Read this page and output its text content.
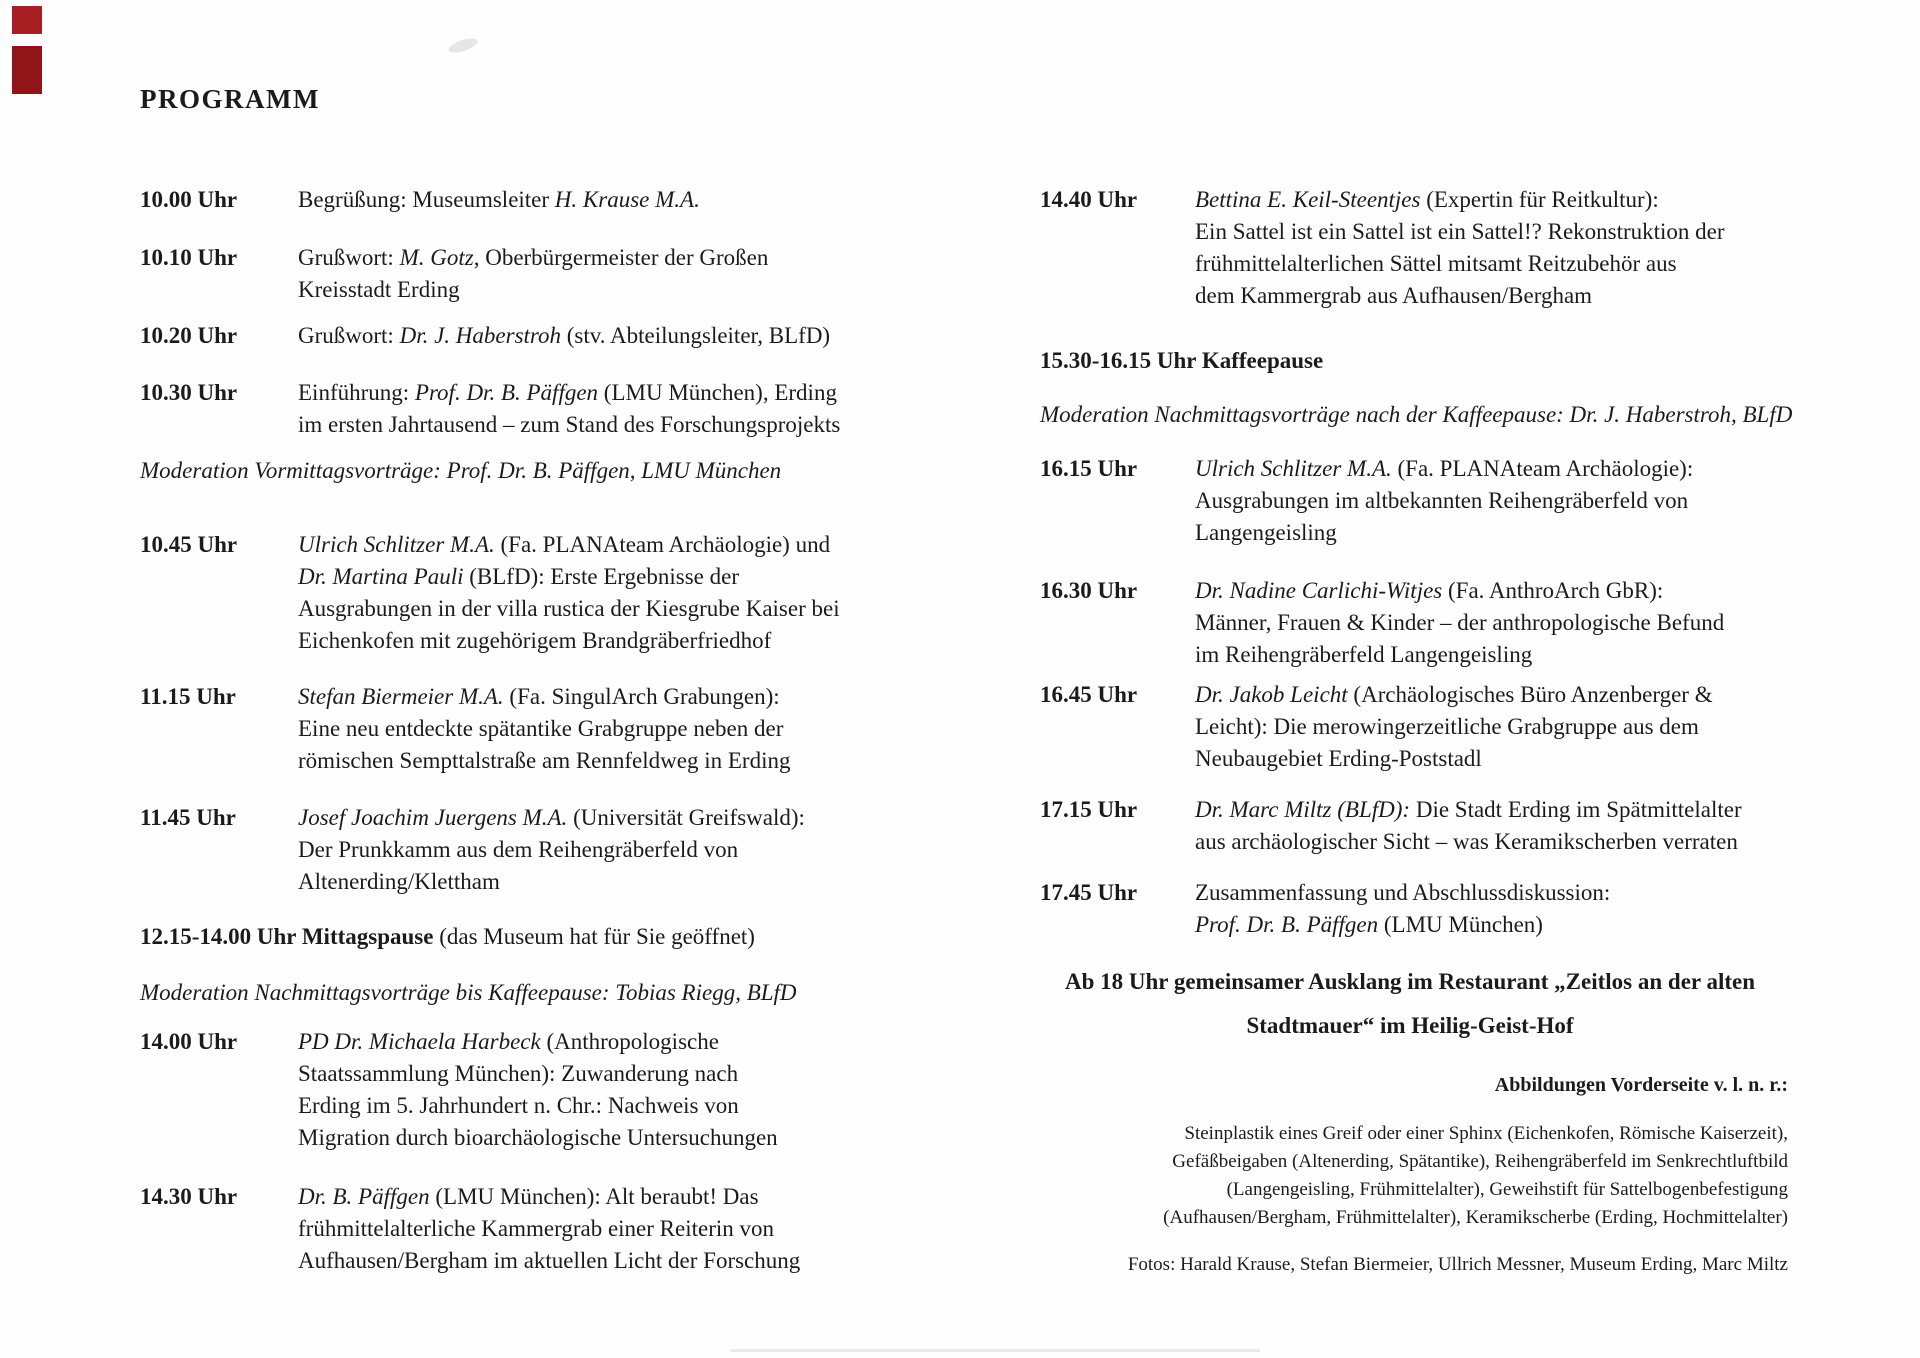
PROGRAMM
10.00 Uhr	Begrüßung: Museumsleiter H. Krause M.A.
10.10 Uhr	Grußwort: M. Gotz, Oberbürgermeister der Großen
Kreisstadt Erding
10.20 Uhr	Grußwort: Dr. J. Haberstroh (stv. Abteilungsleiter, BLfD)
10.30 Uhr	Einführung: Prof. Dr. B. Päffgen (LMU München), Erding
im ersten Jahrtausend – zum Stand des Forschungsprojekts
Moderation Vormittagsvorträge: Prof. Dr. B. Päffgen, LMU München
10.45 Uhr	Ulrich Schlitzer M.A. (Fa. PLANAteam Archäologie) und
Dr. Martina Pauli (BLfD): Erste Ergebnisse der
Ausgrabungen in der villa rustica der Kiesgrube Kaiser bei
Eichenkofen mit zugehörigem Brandgräberfriedhof
11.15 Uhr	Stefan Biermeier M.A. (Fa. SingulArch Grabungen):
Eine neu entdeckte spätantike Grabgruppe neben der
römischen Sempttalstraße am Rennfeldweg in Erding
11.45 Uhr	Josef Joachim Juergens M.A. (Universität Greifswald):
Der Prunkkamm aus dem Reihengräberfeld von
Altenerding/Klettham
12.15-14.00 Uhr Mittagspause (das Museum hat für Sie geöffnet)
Moderation Nachmittagsvorträge bis Kaffeepause: Tobias Riegg, BLfD
14.00 Uhr	PD Dr. Michaela Harbeck (Anthropologische
Staatssammlung München): Zuwanderung nach
Erding im 5. Jahrhundert n. Chr.: Nachweis von
Migration durch bioarchäologische Untersuchungen
14.30 Uhr	Dr. B. Päffgen (LMU München): Alt beraubt! Das
frühmittelalterliche Kammergrab einer Reiterin von
Aufhausen/Bergham im aktuellen Licht der Forschung
14.40 Uhr	Bettina E. Keil-Steentjes (Expertin für Reitkultur):
Ein Sattel ist ein Sattel ist ein Sattel!? Rekonstruktion der
frühmittelalterlichen Sättel mitsamt Reitzubehör aus
dem Kammergrab aus Aufhausen/Bergham
15.30-16.15 Uhr Kaffeepause
Moderation Nachmittagsvorträge nach der Kaffeepause: Dr. J. Haberstroh, BLfD
16.15 Uhr	Ulrich Schlitzer M.A. (Fa. PLANAteam Archäologie):
Ausgrabungen im altbekannten Reihengräberfeld von
Langengeisling
16.30 Uhr	Dr. Nadine Carlichi-Witjes (Fa. AnthroArch GbR):
Männer, Frauen & Kinder – der anthropologische Befund
im Reihengräberfeld Langengeisling
16.45 Uhr	Dr. Jakob Leicht (Archäologisches Büro Anzenberger &
Leicht): Die merowingerzeitliche Grabgruppe aus dem
Neubaugebiet Erding-Poststadl
17.15 Uhr	Dr. Marc Miltz (BLfD): Die Stadt Erding im Spätmittelalter
aus archäologischer Sicht – was Keramikscherben verraten
17.45 Uhr	Zusammenfassung und Abschlussdiskussion:
Prof. Dr. B. Päffgen (LMU München)
Ab 18 Uhr gemeinsamer Ausklang im Restaurant „Zeitlos an der alten
Stadtmauer“ im Heilig-Geist-Hof
Abbildungen Vorderseite v. l. n. r.:
Steinplastik eines Greif oder einer Sphinx (Eichenkofen, Römische Kaiserzeit),
Gefäßbeigaben (Altenerding, Spätantike), Reihengräberfeld im Senkrechtluftbild
(Langengeisling, Frühmittelalter), Geweihstift für Sattelbogenbefestigung
(Aufhausen/Bergham, Frühmittelalter), Keramikscherbe (Erding, Hochmittelalter)
Fotos: Harald Krause, Stefan Biermeier, Ullrich Messner, Museum Erding, Marc Miltz
